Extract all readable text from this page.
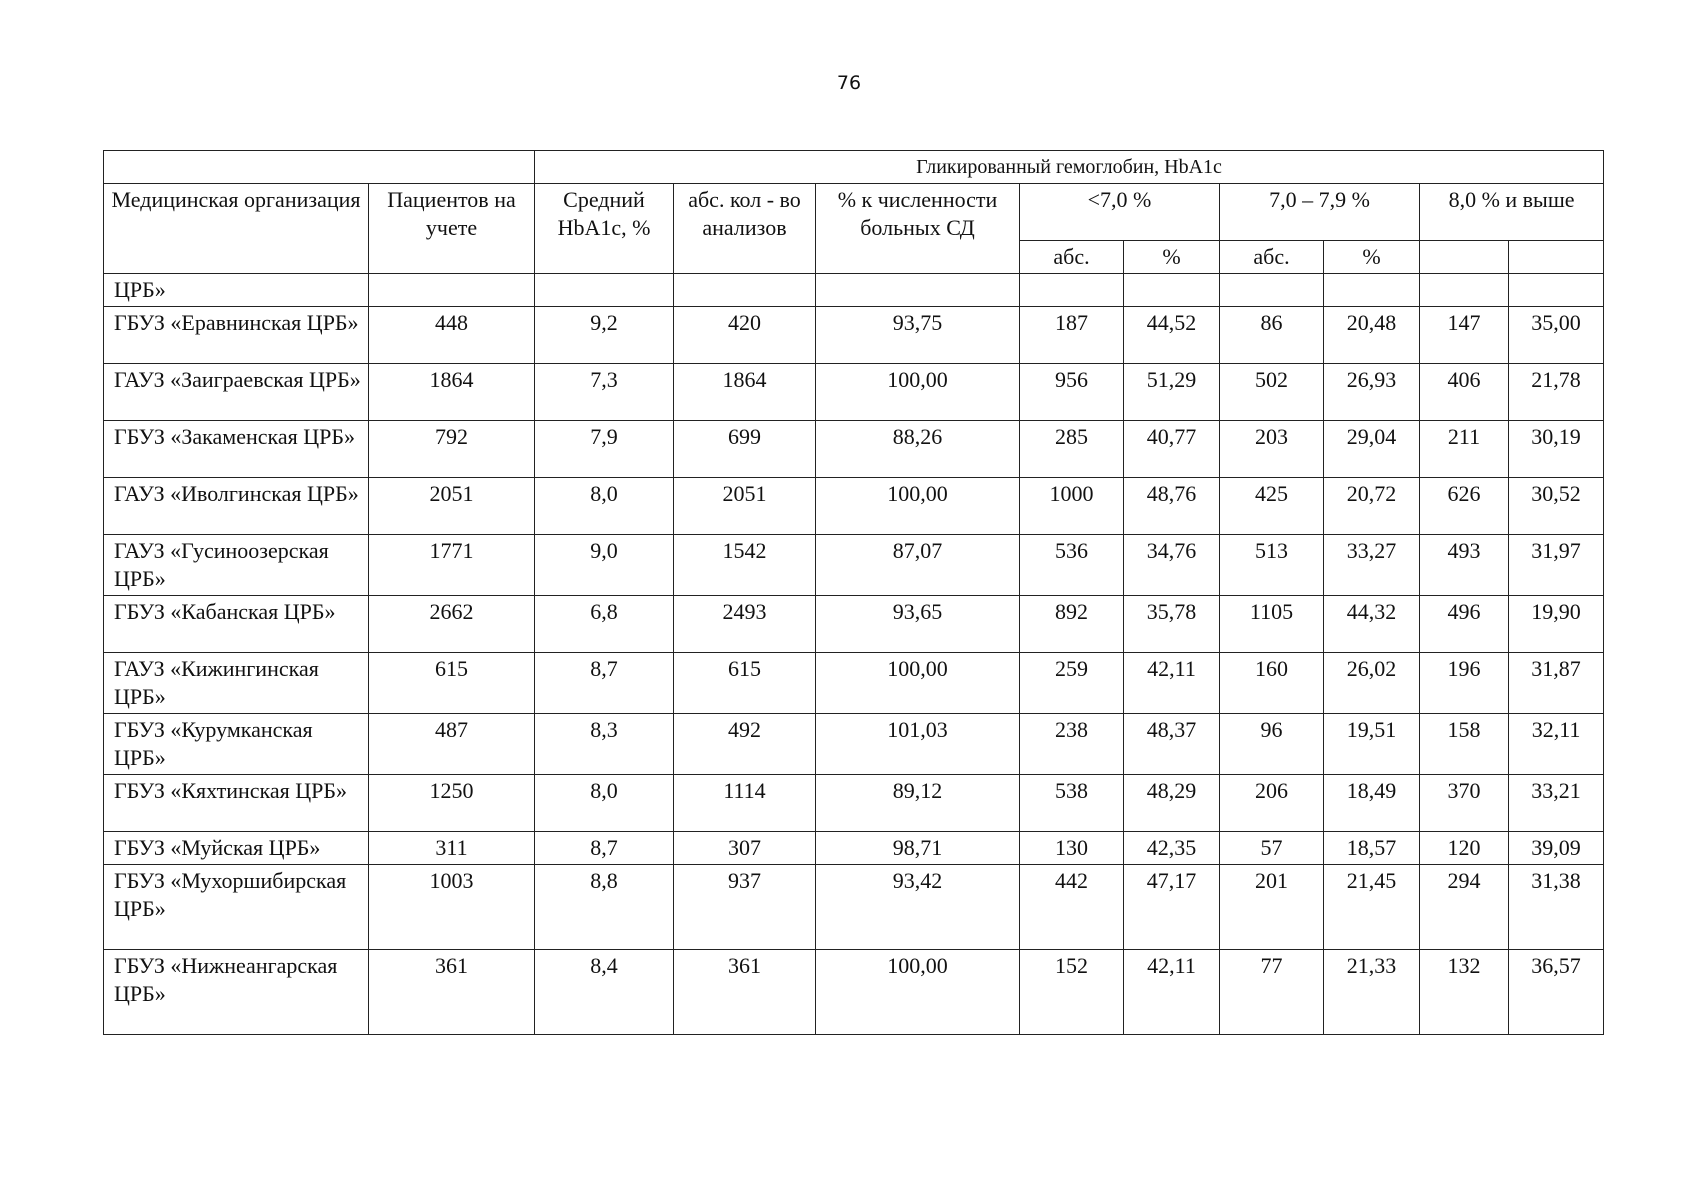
76
		Гликированный гемоглобин, HbA1c								
Медицинская организация	Пациентов на учете	Средний HbA1c, %	абс. кол - во анализов	% к численности больных СД	<7,0 %		7,0 – 7,9 %		8,0 % и выше	
					абс.	%	абс.	%		
ЦРБ»										
ГБУЗ «Еравнинская ЦРБ»	448	9,2	420	93,75	187	44,52	86	20,48	147	35,00
ГАУЗ «Заиграевская ЦРБ»	1864	7,3	1864	100,00	956	51,29	502	26,93	406	21,78
ГБУЗ «Закаменская ЦРБ»	792	7,9	699	88,26	285	40,77	203	29,04	211	30,19
ГАУЗ «Иволгинская ЦРБ»	2051	8,0	2051	100,00	1000	48,76	425	20,72	626	30,52
ГАУЗ «Гусиноозерская ЦРБ»	1771	9,0	1542	87,07	536	34,76	513	33,27	493	31,97
ГБУЗ «Кабанская ЦРБ»	2662	6,8	2493	93,65	892	35,78	1105	44,32	496	19,90
ГАУЗ «Кижингинская ЦРБ»	615	8,7	615	100,00	259	42,11	160	26,02	196	31,87
ГБУЗ «Курумканская ЦРБ»	487	8,3	492	101,03	238	48,37	96	19,51	158	32,11
ГБУЗ «Кяхтинская ЦРБ»	1250	8,0	1114	89,12	538	48,29	206	18,49	370	33,21
ГБУЗ «Муйская ЦРБ»	311	8,7	307	98,71	130	42,35	57	18,57	120	39,09
ГБУЗ «Мухоршибирская ЦРБ»	1003	8,8	937	93,42	442	47,17	201	21,45	294	31,38
ГБУЗ «Нижнеангарская ЦРБ»	361	8,4	361	100,00	152	42,11	77	21,33	132	36,57
